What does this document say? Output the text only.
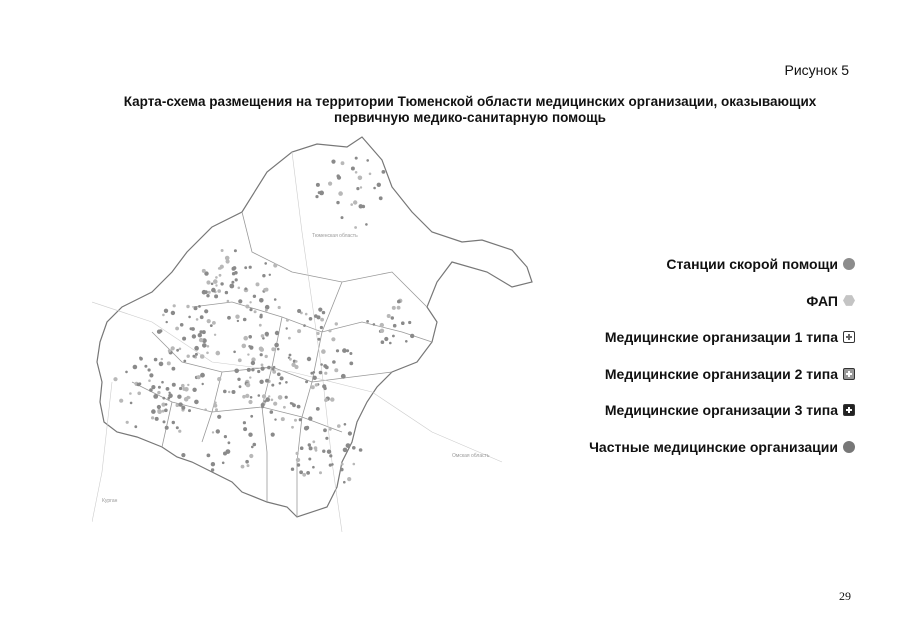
Рисунок 5
Карта-схема размещения на территории Тюменской области медицинских организации, оказывающих первичную медико-санитарную помощь
Тюменская область
Омская область
Курган
Станции скорой помощи
ФАП
Медицинские организации 1 типа
Медицинские организации 2 типа
Медицинские организации 3 типа
Частные медицинские организации
29
